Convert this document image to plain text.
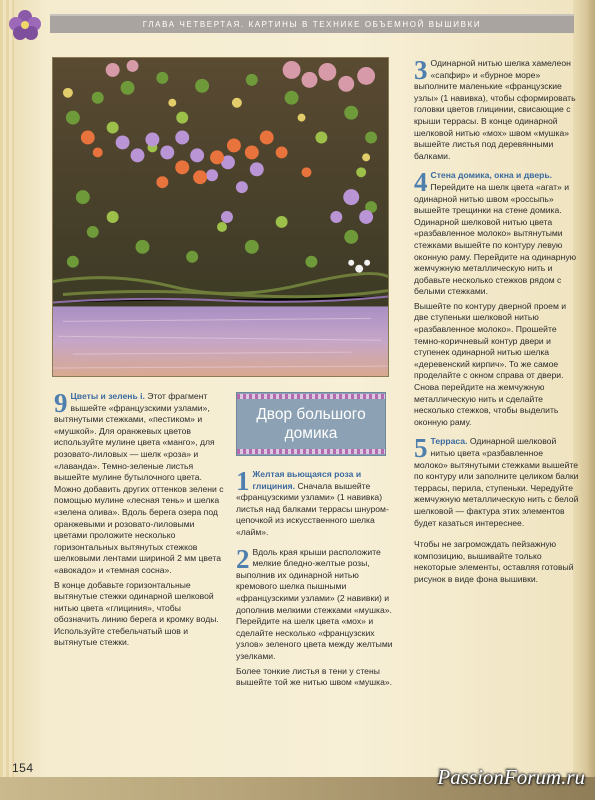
ГЛАВА ЧЕТВЕРТАЯ. КАРТИНЫ В ТЕХНИКЕ ОБЪЕМНОЙ ВЫШИВКИ

9 Цветы и зелень i. Этот фрагмент вышейте «французскими узлами», вытянутыми стежками, «пестиком» и «мушкой». Для оранжевых цветов используйте мулине цвета «манго», для розовато-лиловых — шелк «роза» и «лаванда». Темно-зеленые листья вышейте мулине бутылочного цвета. Можно добавить других оттенков зелени с помощью мулине «лесная тень» и шелка «зелена олива». Вдоль берега озера под оранжевыми и розовато-лиловыми цветами проложите несколько горизонтальных вытянутых стежков шелковыми лентами шириной 2 мм цвета «авокадо» и «темная сосна».

В конце добавьте горизонтальные вытянутые стежки одинарной шелковой нитью цвета «глициния», чтобы обозначить линию берега и кромку воды. Используйте стебельчатый шов и вытянутые стежки.

Двор большого домика

1 Желтая вьющаяся роза и глициния. Сначала вышейте «французскими узлами» (1 навивка) листья над балками террасы шнуром-цепочкой из искусственного шелка «лайм».

2 Вдоль края крыши расположите мелкие бледно-желтые розы, выполнив их одинарной нитью кремового шелка пышными «французскими узлами» (2 навивки) и дополнив мелкими стежками «мушка». Перейдите на шелк цвета «мох» и сделайте несколько «французских узлов» зеленого цвета между желтыми узелками.

Более тонкие листья в тени у стены вышейте той же нитью швом «мушка».

3 Одинарной нитью шелка хамелеон «сапфир» и «бурное море» выполните маленькие «французские узлы» (1 навивка), чтобы сформировать головки цветов глицинии, свисающие с крыши террасы. В конце одинарной шелковой нитью «мох» швом «мушка» вышейте листья под деревянными балками.

4 Стена домика, окна и дверь. Перейдите на шелк цвета «агат» и одинарной нитью швом «россыпь» вышейте трещинки на стене домика. Одинарной шелковой нитью цвета «разбавленное молоко» вытянутыми стежками вышейте по контуру левую оконную раму. Перейдите на одинарную жемчужную металлическую нить и добавьте несколько стежков рядом с белыми стежками.

Вышейте по контуру дверной проем и две ступеньки шелковой нитью «разбавленное молоко». Прошейте темно-коричневый контур двери и ступенек одинарной нитью шелка «деревенский кирпич». То же самое проделайте с окном справа от двери. Снова перейдите на жемчужную металлическую нить и сделайте несколько стежков, чтобы выделить оконную раму.

5 Терраса. Одинарной шелковой нитью цвета «разбавленное молоко» вытянутыми стежками вышейте по контуру или заполните целиком балки террасы, перила, ступеньки. Чередуйте жемчужную металлическую нить с белой шелковой — фактура этих элементов будет казаться интереснее.

Чтобы не загромождать пейзажную композицию, вышивайте только некоторые элементы, оставляя готовый рисунок в виде фона вышивки.

154	PassionForum.ru
